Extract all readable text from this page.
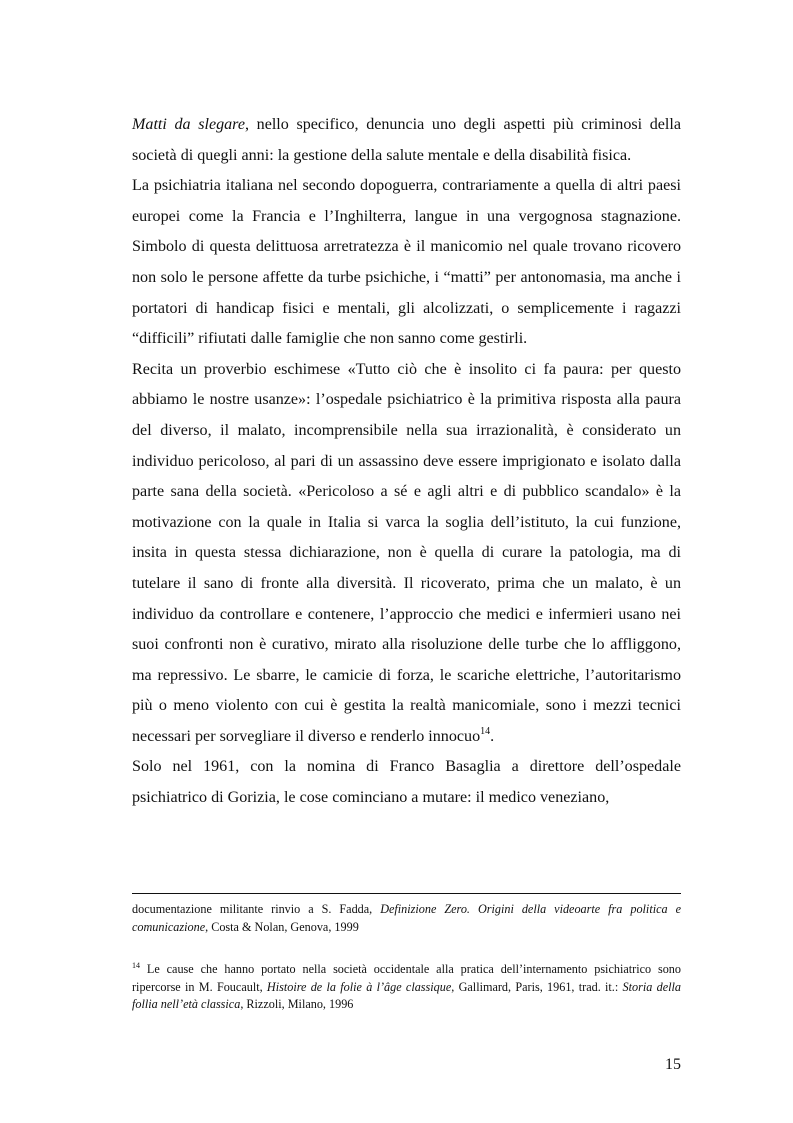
Matti da slegare, nello specifico, denuncia uno degli aspetti più criminosi della società di quegli anni: la gestione della salute mentale e della disabilità fisica.

La psichiatria italiana nel secondo dopoguerra, contrariamente a quella di altri paesi europei come la Francia e l’Inghilterra, langue in una vergognosa stagnazione. Simbolo di questa delittuosa arretratezza è il manicomio nel quale trovano ricovero non solo le persone affette da turbe psichiche, i “matti” per antonomasia, ma anche i portatori di handicap fisici e mentali, gli alcolizzati, o semplicemente i ragazzi “difficili” rifiutati dalle famiglie che non sanno come gestirli.

Recita un proverbio eschimese «Tutto ciò che è insolito ci fa paura: per questo abbiamo le nostre usanze»: l’ospedale psichiatrico è la primitiva risposta alla paura del diverso, il malato, incomprensibile nella sua irrazionalità, è considerato un individuo pericoloso, al pari di un assassino deve essere imprigionato e isolato dalla parte sana della società. «Pericoloso a sé e agli altri e di pubblico scandalo» è la motivazione con la quale in Italia si varca la soglia dell’istituto, la cui funzione, insita in questa stessa dichiarazione, non è quella di curare la patologia, ma di tutelare il sano di fronte alla diversità. Il ricoverato, prima che un malato, è un individuo da controllare e contenere, l’approccio che medici e infermieri usano nei suoi confronti non è curativo, mirato alla risoluzione delle turbe che lo affliggono, ma repressivo. Le sbarre, le camicie di forza, le scariche elettriche, l’autoritarismo più o meno violento con cui è gestita la realtà manicomiale, sono i mezzi tecnici necessari per sorvegliare il diverso e renderlo innocuo$^{14}$.

Solo nel 1961, con la nomina di Franco Basaglia a direttore dell’ospedale psichiatrico di Gorizia, le cose cominciano a mutare: il medico veneziano,

documentazione militante rinvio a S. Fadda, Definizione Zero. Origini della videoarte fra politica e comunicazione, Costa & Nolan, Genova, 1999

$^{14}$ Le cause che hanno portato nella società occidentale alla pratica dell’internamento psichiatrico sono ripercorse in M. Foucault, Histoire de la folie à l’âge classique, Gallimard, Paris, 1961, trad. it.: Storia della follia nell’età classica, Rizzoli, Milano, 1996

15
